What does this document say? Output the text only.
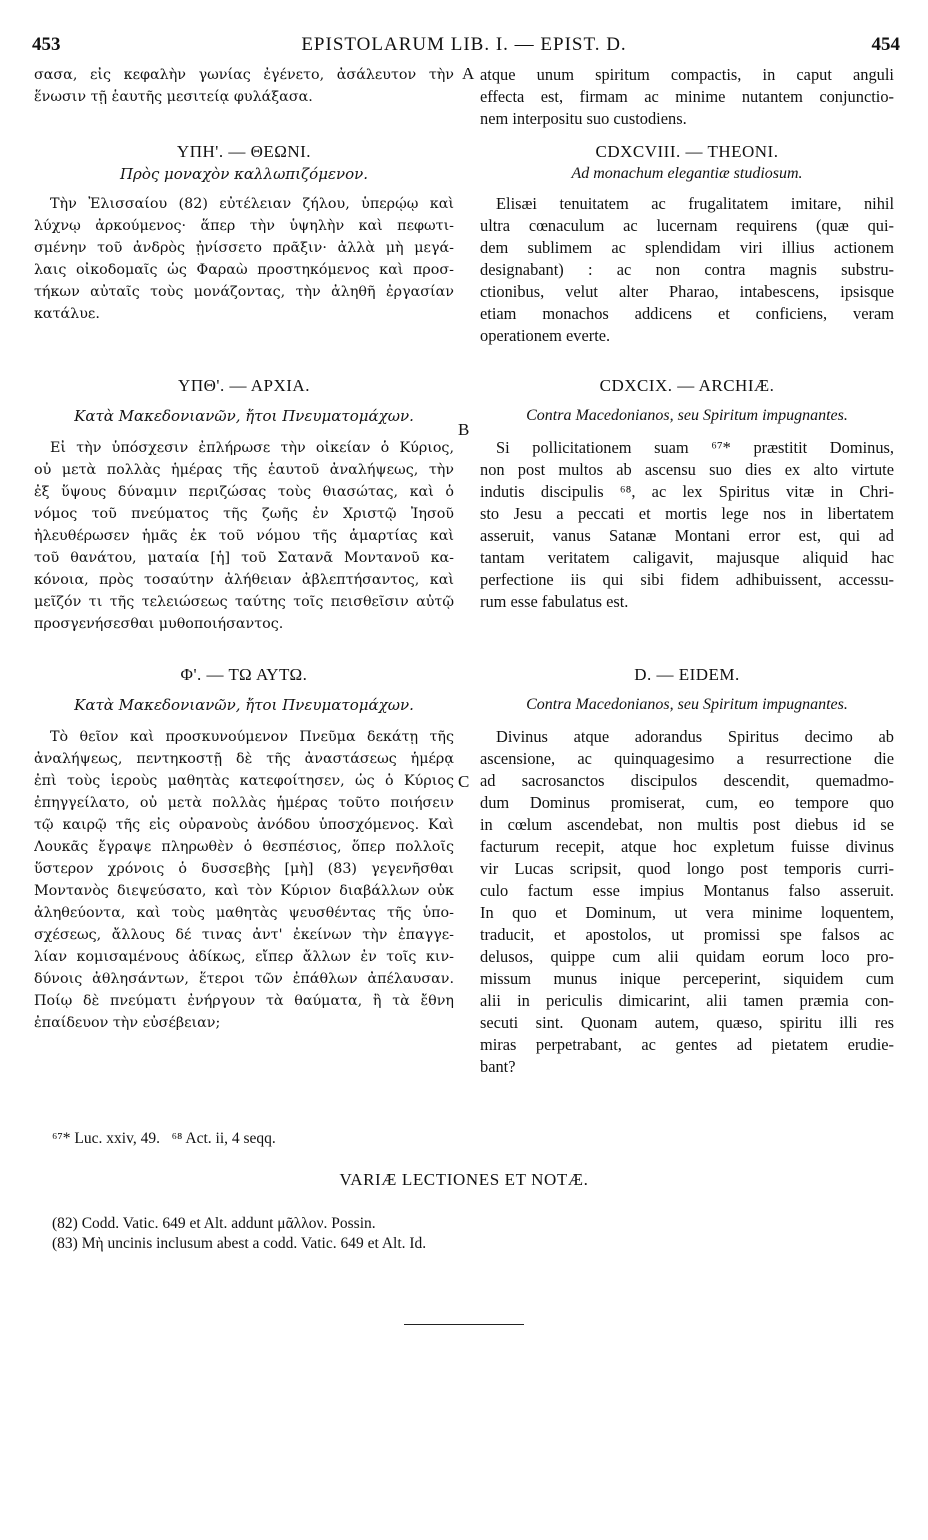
453	EPISTOLARUM LIB. I. — EPIST. D.	454
A
B
C
σασα, εἰς κεφαλὴν γωνίας ἐγένετο, ἀσάλευτον τὴν
ἕνωσιν τῇ ἑαυτῆς μεσιτείᾳ φυλάξασα.
ΥΠΗ'. — ΘΕΩΝΙ.
Πρὸς μοναχὸν καλλωπιζόμενον.
Τὴν Ἐλισσαίου (82) εὐτέλειαν ζήλου, ὑπερῴῳ καὶ
λύχνῳ ἀρκούμενος· ἅπερ τὴν ὑψηλὴν καὶ πεφωτι-
σμένην τοῦ ἀνδρὸς ᾐνίσσετο πρᾶξιν· ἀλλὰ μὴ μεγά-
λαις οἰκοδομαῖς ὡς Φαραὼ προστηκόμενος καὶ προσ-
τήκων αὐταῖς τοὺς μονάζοντας, τὴν ἀληθῆ ἐργασίαν
κατάλυε.
ΥΠΘ'. — ΑΡΧΙΑ.
Κατὰ Μακεδονιανῶν, ἤτοι Πνευματομάχων.
Εἰ τὴν ὑπόσχεσιν ἐπλήρωσε τὴν οἰκείαν ὁ Κύριος,
οὐ μετὰ πολλὰς ἡμέρας τῆς ἑαυτοῦ ἀναλήψεως, τὴν
ἐξ ὕψους δύναμιν περιζώσας τοὺς θιασώτας, καὶ ὁ
νόμος τοῦ πνεύματος τῆς ζωῆς ἐν Χριστῷ Ἰησοῦ
ἠλευθέρωσεν ἡμᾶς ἐκ τοῦ νόμου τῆς ἁμαρτίας καὶ
τοῦ θανάτου, ματαία [ἡ] τοῦ Σατανᾶ Μοντανοῦ κα-
κόνοια, πρὸς τοσαύτην ἀλήθειαν ἀβλεπτήσαντος, καὶ
μεῖζόν τι τῆς τελειώσεως ταύτης τοῖς πεισθεῖσιν αὐτῷ
προσγενήσεσθαι μυθοποιήσαντος.
Φ'. — ΤΩ ΑΥΤΩ.
Κατὰ Μακεδονιανῶν, ἤτοι Πνευματομάχων.
Τὸ θεῖον καὶ προσκυνούμενον Πνεῦμα δεκάτῃ τῆς
ἀναλήψεως, πεντηκοστῇ δὲ τῆς ἀναστάσεως ἡμέρᾳ
ἐπὶ τοὺς ἱεροὺς μαθητὰς κατεφοίτησεν, ὡς ὁ Κύριος
ἐπηγγείλατο, οὐ μετὰ πολλὰς ἡμέρας τοῦτο ποιήσειν
τῷ καιρῷ τῆς εἰς οὐρανοὺς ἀνόδου ὑποσχόμενος. Καὶ
Λουκᾶς ἔγραψε πληρωθὲν ὁ θεσπέσιος, ὅπερ πολλοῖς
ὕστερον χρόνοις ὁ δυσσεβὴς [μὴ] (83) γεγενῆσθαι
Μοντανὸς διεψεύσατο, καὶ τὸν Κύριον διαβάλλων οὐκ
ἀληθεύοντα, καὶ τοὺς μαθητὰς ψευσθέντας τῆς ὑπο-
σχέσεως, ἄλλους δέ τινας ἀντ' ἐκείνων τὴν ἐπαγγε-
λίαν κομισαμένους ἀδίκως, εἴπερ ἄλλων ἐν τοῖς κιν-
δύνοις ἀθλησάντων, ἕτεροι τῶν ἐπάθλων ἀπέλαυσαν.
Ποίῳ δὲ πνεύματι ἐνήργουν τὰ θαύματα, ἢ τὰ ἔθνη
ἐπαίδευον τὴν εὐσέβειαν;
atque unum spiritum compactis, in caput anguli
effecta est, firmam ac minime nutantem conjunctio-
nem interpositu suo custodiens.
CDXCVIII. — THEONI.
Ad monachum elegantiæ studiosum.
Elisæi tenuitatem ac frugalitatem imitare, nihil
ultra cœnaculum ac lucernam requirens (quæ qui-
dem sublimem ac splendidam viri illius actionem
designabant) : ac non contra magnis substru-
ctionibus, velut alter Pharao, intabescens, ipsisque
etiam monachos addicens et conficiens, veram
operationem everte.
CDXCIX. — ARCHIÆ.
Contra Macedonianos, seu Spiritum impugnantes.
Si pollicitationem suam ⁶⁷* præstitit Dominus,
non post multos ab ascensu suo dies ex alto virtute
indutis discipulis ⁶⁸, ac lex Spiritus vitæ in Chri-
sto Jesu a peccati et mortis lege nos in libertatem
asseruit, vanus Satanæ Montani error est, qui ad
tantam veritatem caligavit, majusque aliquid hac
perfectione iis qui sibi fidem adhibuissent, accessu-
rum esse fabulatus est.
D. — EIDEM.
Contra Macedonianos, seu Spiritum impugnantes.
Divinus atque adorandus Spiritus decimo ab
ascensione, ac quinquagesimo a resurrectione die
ad sacrosanctos discipulos descendit, quemadmo-
dum Dominus promiserat, cum, eo tempore quo
in cœlum ascendebat, non multis post diebus id se
facturum recepit, atque hoc expletum fuisse divinus
vir Lucas scripsit, quod longo post temporis curri-
culo factum esse impius Montanus falso asseruit.
In quo et Dominum, ut vera minime loquentem,
traducit, et apostolos, ut promissi spe falsos ac
delusos, quippe cum alii quidam eorum loco pro-
missum munus inique perceperint, siquidem cum
alii in periculis dimicarint, alii tamen præmia con-
secuti sint. Quonam autem, quæso, spiritu illi res
miras perpetrabant, ac gentes ad pietatem erudie-
bant?
⁶⁷* Luc. xxiv, 49.   ⁶⁸ Act. ii, 4 seqq.
VARIÆ LECTIONES ET NOTÆ.
(82) Codd. Vatic. 649 et Alt. addunt μᾶλλον. Possin.
(83) Μὴ uncinis inclusum abest a codd. Vatic. 649 et Alt. Id.
